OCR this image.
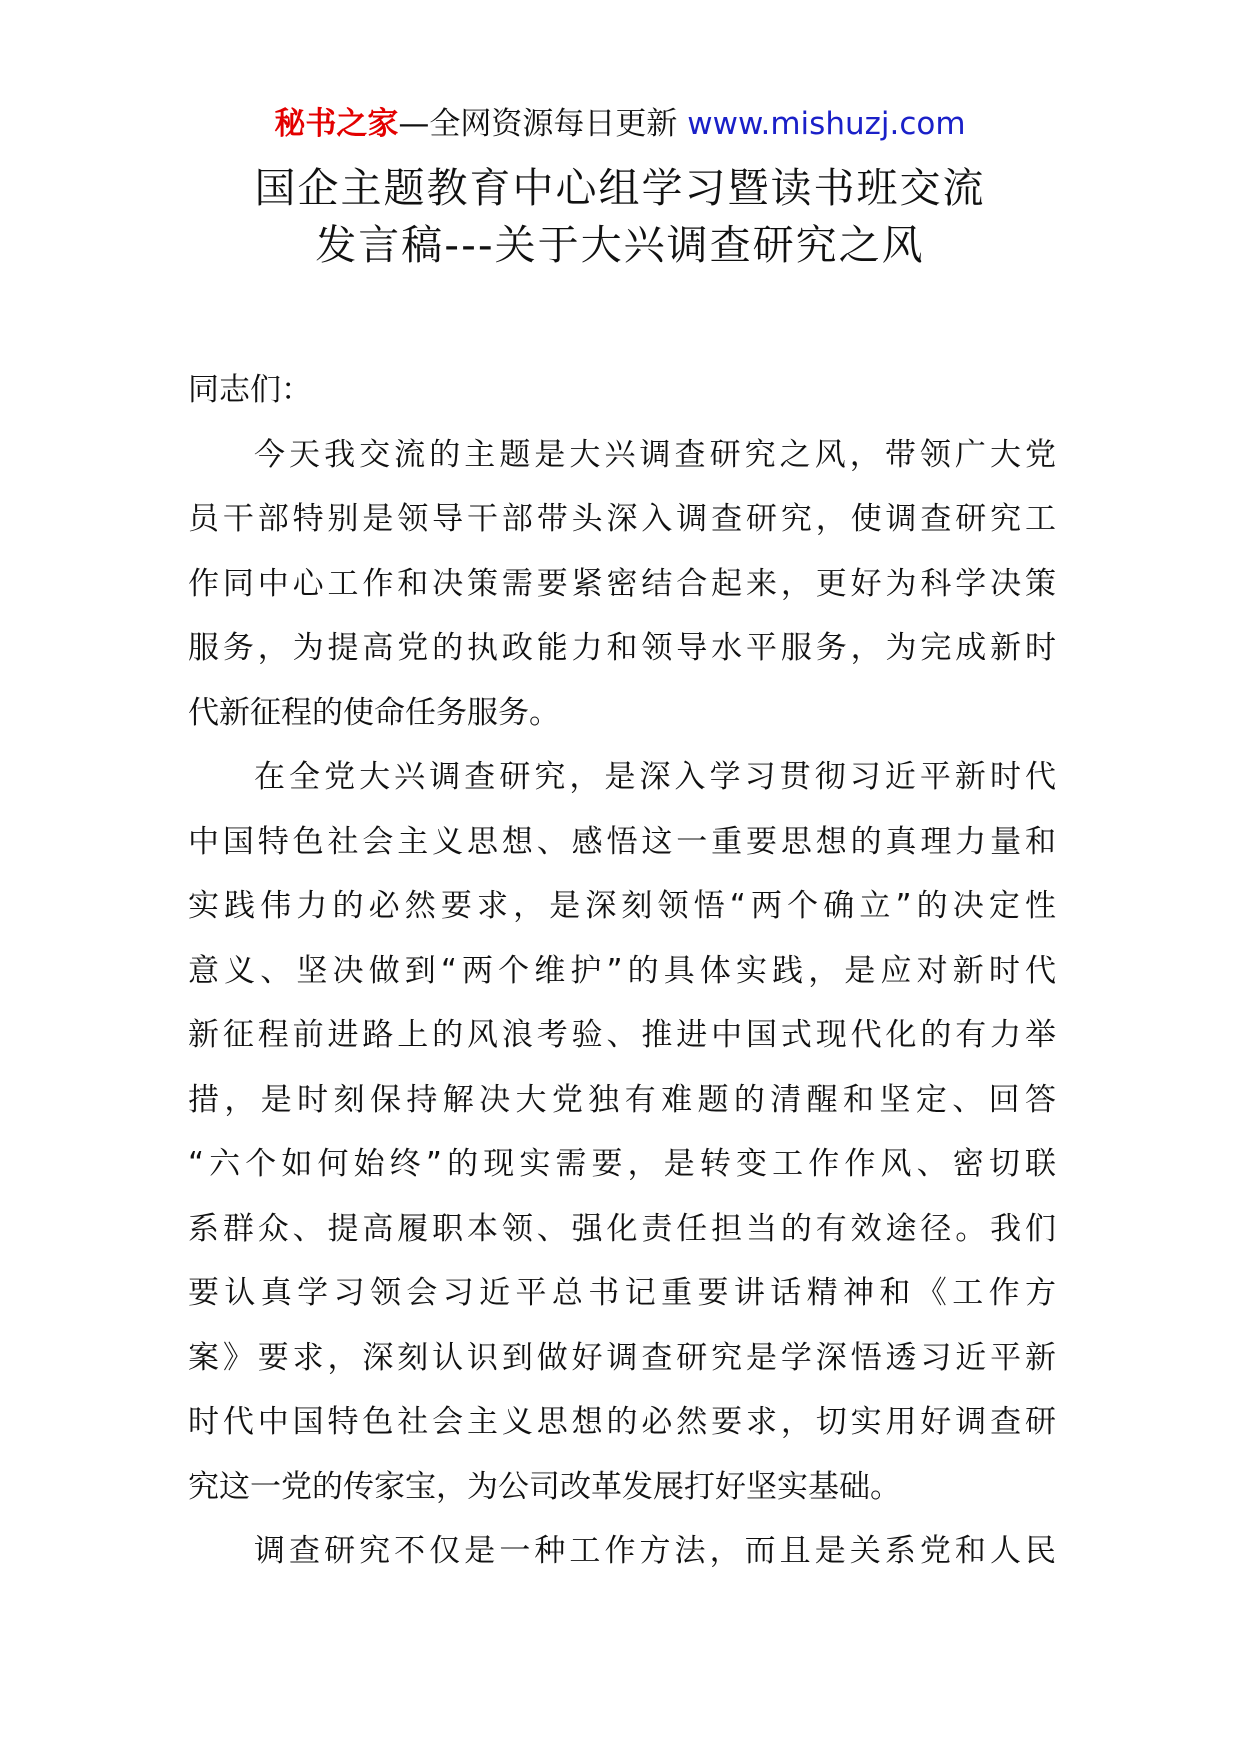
秘书之家—全网资源每日更新 www.mishuzj.com
国企主题教育中心组学习暨读书班交流
发言稿---关于大兴调查研究之风
同志们：
今天我交流的主题是大兴调查研究之风，带领广大党
员干部特别是领导干部带头深入调查研究，使调查研究工
作同中心工作和决策需要紧密结合起来，更好为科学决策
服务，为提高党的执政能力和领导水平服务，为完成新时
代新征程的使命任务服务。
在全党大兴调查研究，是深入学习贯彻习近平新时代
中国特色社会主义思想、感悟这一重要思想的真理力量和
实践伟力的必然要求，是深刻领悟“两个确立”的决定性
意义、坚决做到“两个维护”的具体实践，是应对新时代
新征程前进路上的风浪考验、推进中国式现代化的有力举
措，是时刻保持解决大党独有难题的清醒和坚定、回答
“六个如何始终”的现实需要，是转变工作作风、密切联
系群众、提高履职本领、强化责任担当的有效途径。我们
要认真学习领会习近平总书记重要讲话精神和《工作方
案》要求，深刻认识到做好调查研究是学深悟透习近平新
时代中国特色社会主义思想的必然要求，切实用好调查研
究这一党的传家宝，为公司改革发展打好坚实基础。
调查研究不仅是一种工作方法，而且是关系党和人民
